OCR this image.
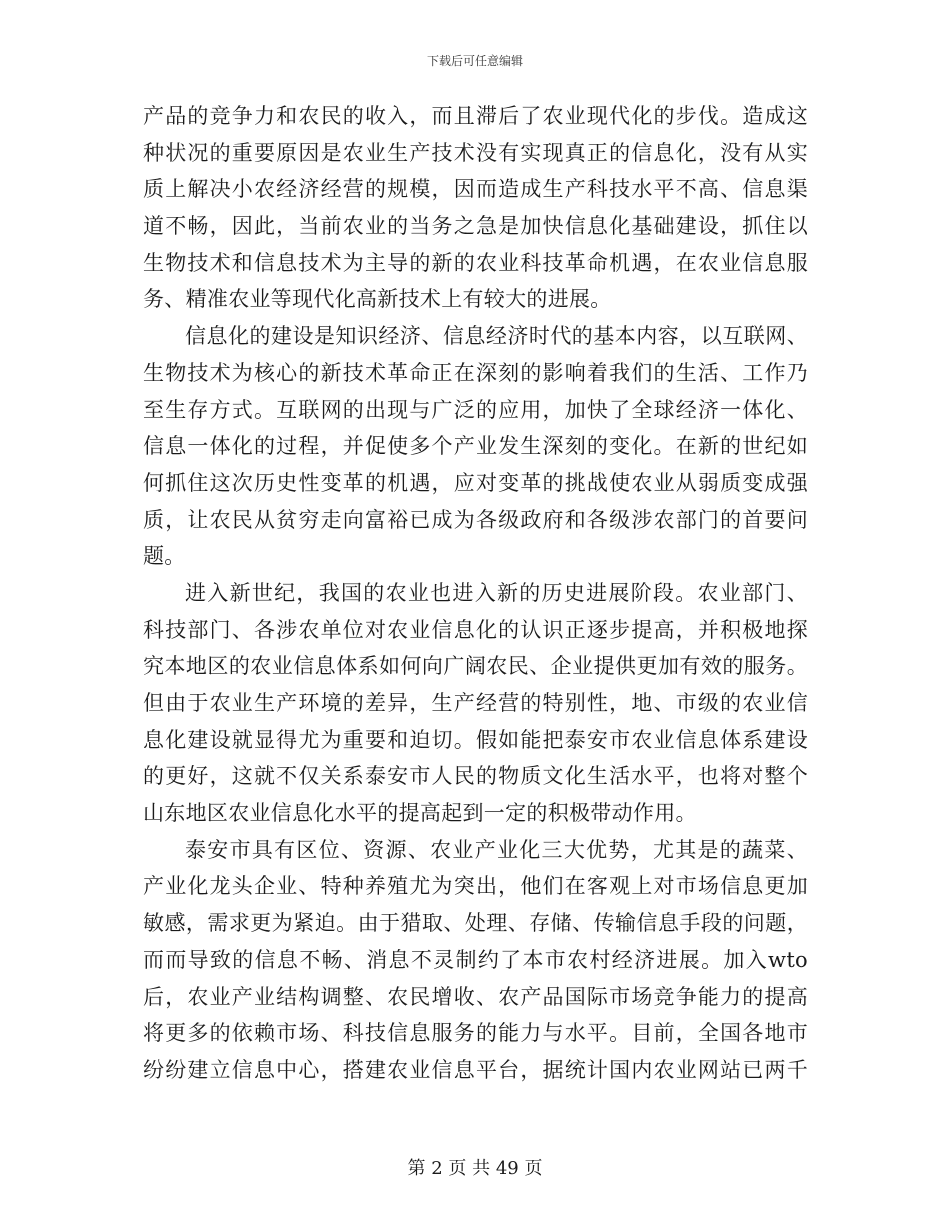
下载后可任意编辑
产品的竞争力和农民的收入，而且滞后了农业现代化的步伐。造成这
种状况的重要原因是农业生产技术没有实现真正的信息化，没有从实
质上解决小农经济经营的规模，因而造成生产科技水平不高、信息渠
道不畅，因此，当前农业的当务之急是加快信息化基础建设，抓住以
生物技术和信息技术为主导的新的农业科技革命机遇，在农业信息服
务、精准农业等现代化高新技术上有较大的进展。
信息化的建设是知识经济、信息经济时代的基本内容，以互联网、
生物技术为核心的新技术革命正在深刻的影响着我们的生活、工作乃
至生存方式。互联网的出现与广泛的应用，加快了全球经济一体化、
信息一体化的过程，并促使多个产业发生深刻的变化。在新的世纪如
何抓住这次历史性变革的机遇，应对变革的挑战使农业从弱质变成强
质，让农民从贫穷走向富裕已成为各级政府和各级涉农部门的首要问
题。
进入新世纪，我国的农业也进入新的历史进展阶段。农业部门、
科技部门、各涉农单位对农业信息化的认识正逐步提高，并积极地探
究本地区的农业信息体系如何向广阔农民、企业提供更加有效的服务。
但由于农业生产环境的差异，生产经营的特别性，地、市级的农业信
息化建设就显得尤为重要和迫切。假如能把泰安市农业信息体系建设
的更好，这就不仅关系泰安市人民的物质文化生活水平，也将对整个
山东地区农业信息化水平的提高起到一定的积极带动作用。
泰安市具有区位、资源、农业产业化三大优势，尤其是的蔬菜、
产业化龙头企业、特种养殖尤为突出，他们在客观上对市场信息更加
敏感，需求更为紧迫。由于猎取、处理、存储、传输信息手段的问题，
而而导致的信息不畅、消息不灵制约了本市农村经济进展。加入wto
后，农业产业结构调整、农民增收、农产品国际市场竞争能力的提高
将更多的依赖市场、科技信息服务的能力与水平。目前，全国各地市
纷纷建立信息中心，搭建农业信息平台，据统计国内农业网站已两千
第 2 页 共 49 页
